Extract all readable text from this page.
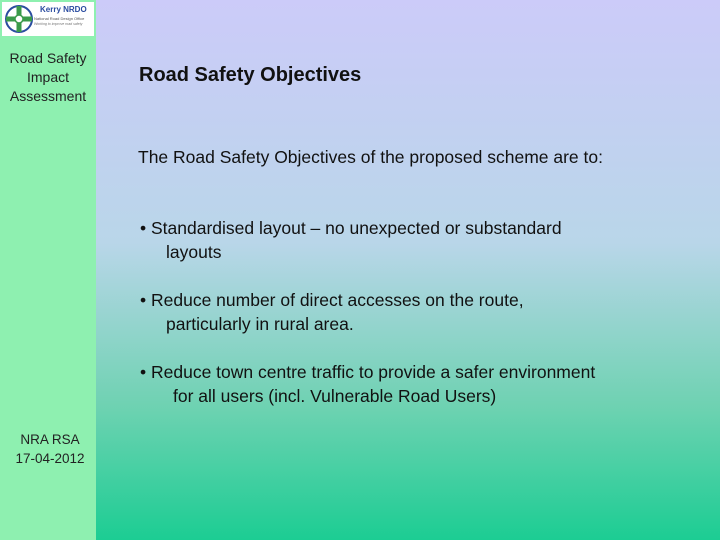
Kerry NRDO
National Road Design Office
Working to improve road safety
Road Safety Impact Assessment
NRA RSA
17-04-2012
Road Safety Objectives
The Road Safety Objectives of the proposed scheme are to:
• Standardised layout – no unexpected or substandard
layouts
• Reduce number of direct accesses on the route,
particularly in rural area.
• Reduce town centre traffic to provide a safer environment
for all users (incl. Vulnerable Road Users)
